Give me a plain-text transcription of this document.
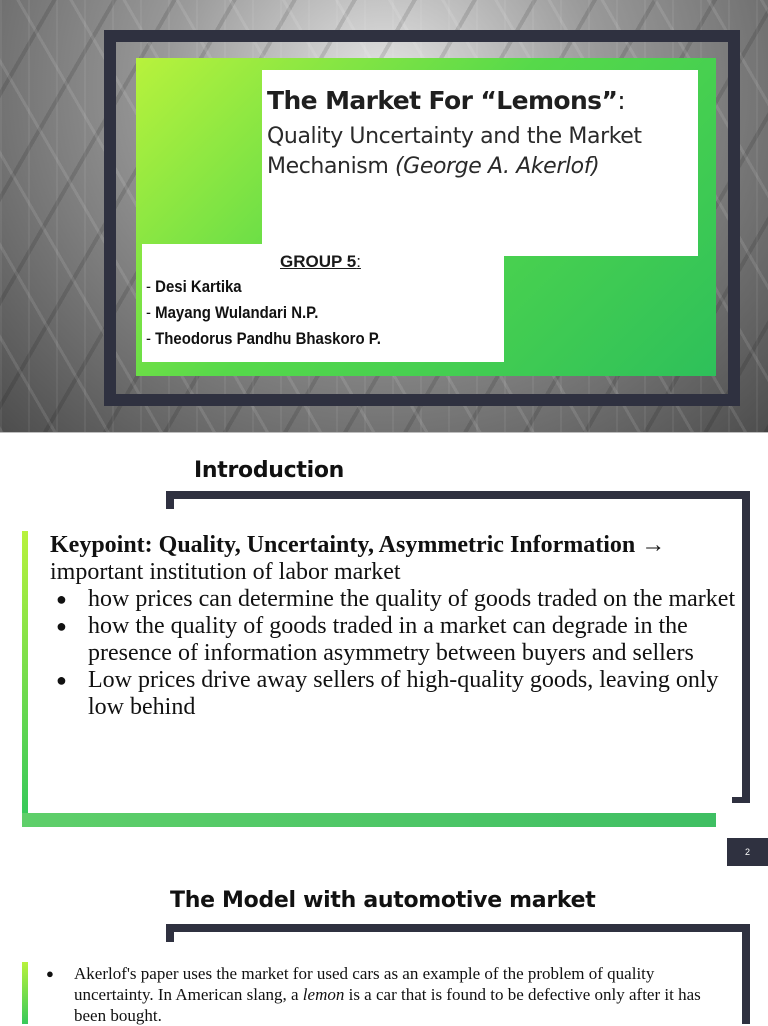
The Market For “Lemons”:
Quality Uncertainty and the Market Mechanism (George A. Akerlof)
GROUP 5:
- Desi Kartika
- Mayang Wulandari N.P.
- Theodorus Pandhu Bhaskoro P.
Introduction
Keypoint: Quality, Uncertainty, Asymmetric Information →
important institution of labor market
● how prices can determine the quality of goods traded on the market
● how the quality of goods traded in a market can degrade in the presence of information asymmetry between buyers and sellers
● Low prices drive away sellers of high-quality goods, leaving only low behind
2
The Model with automotive market
●	Akerlof's paper uses the market for used cars as an example of the problem of quality uncertainty. In American slang, a lemon is a car that is found to be defective only after it has been bought.
